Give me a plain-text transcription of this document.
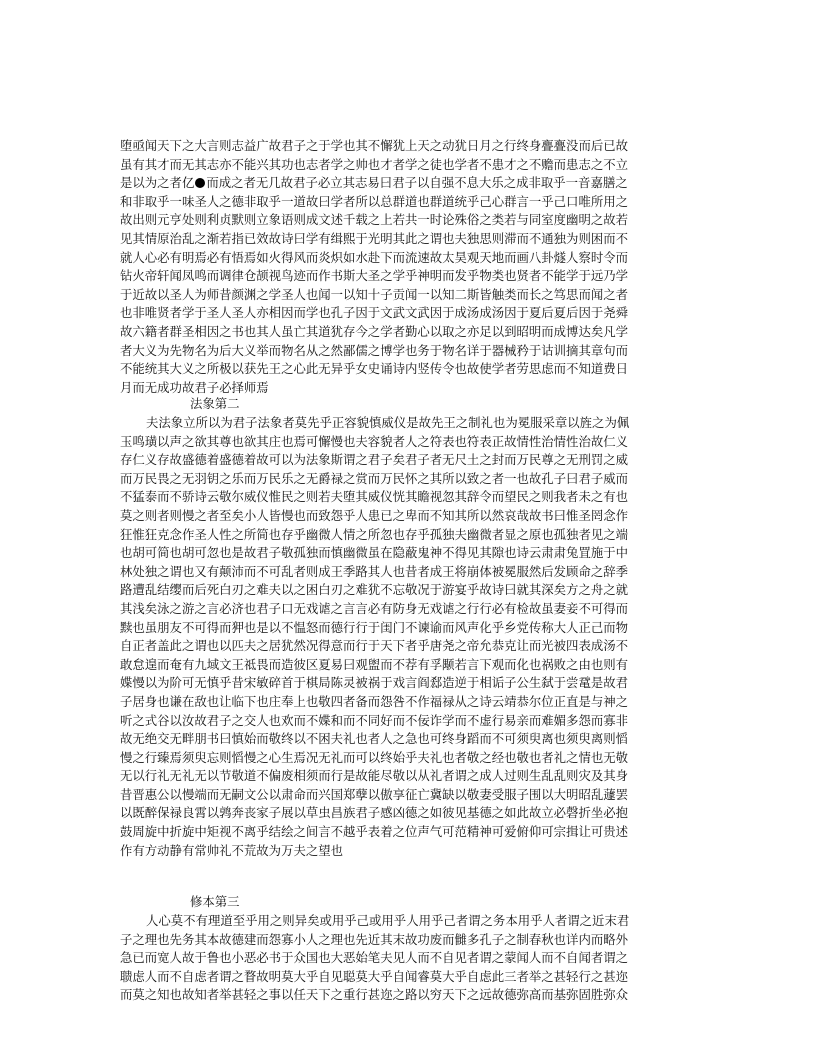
堕亟闻天下之大言则志益广故君子之于学也其不懈犹上天之动犹日月之行终身亹亹没而后已故
虽有其才而无其志亦不能兴其功也志者学之帅也才者学之徒也学者不患才之不赡而患志之不立
是以为之者亿 而成之者无几故君子必立其志易曰君子以自强不息大乐之成非取乎一音嘉膳之
和非取乎一味圣人之德非取乎一道故曰学者所以总群道也群道统乎己心群言一乎己口唯所用之
故出则元亨处则利贞默则立象语则成文述千载之上若共一时论殊俗之类若与同室度幽明之故若
见其情原治乱之渐若指已效故诗曰学有缉熙于光明其此之谓也夫独思则滞而不通独为则困而不
就人心必有明焉必有悟焉如火得风而炎炽如水赴下而流速故太昊观天地而画八卦燧人察时令而
钻火帝轩闻凤鸣而调律仓颉视鸟迹而作书斯大圣之学乎神明而发乎物类也贤者不能学于远乃学
于近故以圣人为师昔颜渊之学圣人也闻一以知十子贡闻一以知二斯皆触类而长之笃思而闻之者
也非唯贤者学于圣人圣人亦相因而学也孔子因于文武文武因于成汤成汤因于夏后夏后因于尧舜
故六籍者群圣相因之书也其人虽亡其道犹存今之学者勤心以取之亦足以到昭明而成博达矣凡学
者大义为先物名为后大义举而物名从之然鄙儒之博学也务于物名详于器械矜于诂训摘其章句而
不能统其大义之所极以获先王之心此无异乎女史诵诗内竖传令也故使学者劳思虑而不知道费日
月而无成功故君子必择师焉
法象第二
夫法象立所以为君子法象者莫先乎正容貌慎威仪是故先王之制礼也为冕服采章以旌之为佩
玉鸣璜以声之欲其尊也欲其庄也焉可懈慢也夫容貌者人之符表也符表正故情性治情性治故仁义
存仁义存故盛德着盛德着故可以为法象斯谓之君子矣君子者无尺土之封而万民尊之无刑罚之威
而万民畏之无羽钥之乐而万民乐之无爵禄之赏而万民怀之其所以致之者一也故孔子曰君子威而
不猛泰而不骄诗云敬尔威仪惟民之则若夫堕其威仪恍其瞻视忽其辞令而望民之则我者未之有也
莫之则者则慢之者至矣小人皆慢也而致怨乎人患已之卑而不知其所以然哀哉故书曰惟圣罔念作
狂惟狂克念作圣人性之所简也存乎幽微人情之所忽也存乎孤独夫幽微者显之原也孤独者见之端
也胡可简也胡可忽也是故君子敬孤独而慎幽微虽在隐蔽鬼神不得见其隙也诗云肃肃兔罝施于中
林处独之谓也又有颠沛而不可乱者则成王季路其人也昔者成王将崩体被冕服然后发顾命之辞季
路遭乱结缨而后死白刃之难夫以之困白刃之难犹不忘敬况于游宴乎故诗曰就其深矣方之舟之就
其浅矣泳之游之言必济也君子口无戏谑之言言必有防身无戏谑之行行必有检故虽妻妾不可得而
黩也虽朋友不可得而狎也是以不愠怒而德行行于闺门不谏谕而风声化乎乡党传称大人正己而物
自正者盖此之谓也以匹夫之居犹然况得意而行于天下者乎唐尧之帝允恭克让而光被四表成汤不
敢怠遑而奄有九域文王祗畏而造彼区夏易曰观盥而不荐有孚颙若言下观而化也祸败之由也则有
媟慢以为阶可无慎乎昔宋敏碎首于棋局陈灵被祸于戏言阎郄造逆于相诟子公生弑于尝鼋是故君
子居身也谦在敌也让临下也庄奉上也敬四者备而怨咎不作福禄从之诗云靖恭尔位正直是与神之
听之式谷以汝故君子之交人也欢而不媟和而不同好而不佞诈学而不虚行易亲而难媚多怨而寡非
故无绝交无畔朋书曰慎始而敬终以不困夫礼也者人之急也可终身蹈而不可须臾离也须臾离则慆
慢之行臻焉须臾忘则慆慢之心生焉况无礼而可以终始乎夫礼也者敬之经也敬也者礼之情也无敬
无以行礼无礼无以节敬道不偏废相须而行是故能尽敬以从礼者谓之成人过则生乱乱则灾及其身
昔晋惠公以慢端而无嗣文公以肃命而兴国郑孽以傲享征亡冀缺以敬妻受服子围以大明昭乱蘧罢
以既醉保禄良霄以鹑奔丧家子展以草虫昌族君子感凶德之如彼见基德之如此故立必磬折坐必抱
鼓周旋中折旋中矩视不离乎结绘之间言不越乎表着之位声气可范精神可爱俯仰可宗揖让可贵述
作有方动静有常帅礼不荒故为万夫之望也
修本第三
人心莫不有理道至乎用之则异矣或用乎己或用乎人用乎己者谓之务本用乎人者谓之近末君
子之理也先务其本故德建而怨寡小人之理也先近其末故功废而雠多孔子之制春秋也详内而略外
急已而宽人故于鲁也小恶必书于众国也大恶始笔夫见人而不自见者谓之蒙闻人而不自闻者谓之
聩虑人而不自虑者谓之瞀故明莫大乎自见聪莫大乎自闻睿莫大乎自虑此三者举之甚轻行之甚迩
而莫之知也故知者举甚轻之事以任天下之重行甚迩之路以穷天下之远故德弥高而基弥固胜弥众
